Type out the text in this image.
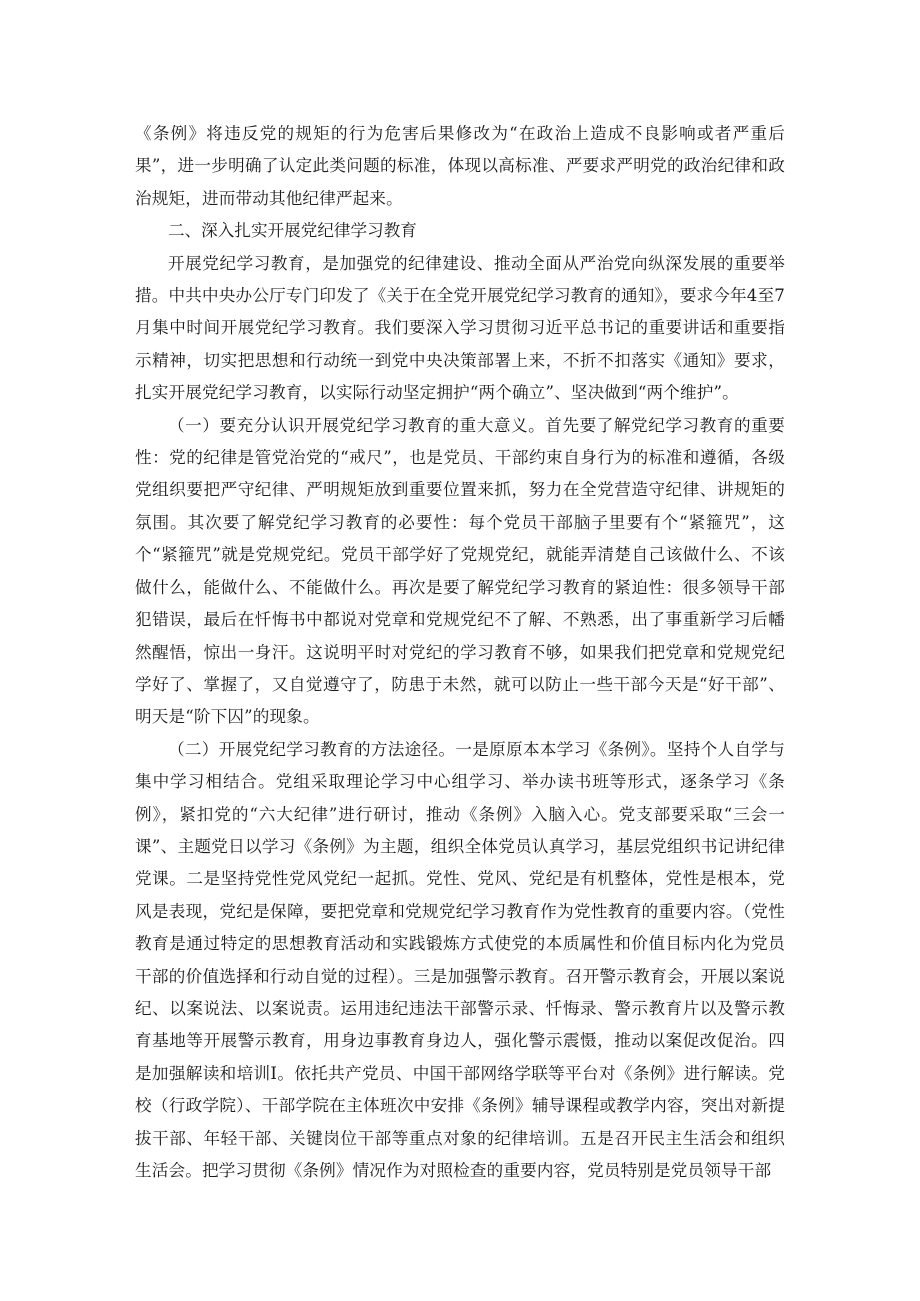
《条例》将违反党的规矩的行为危害后果修改为“在政治上造成不良影响或者严重后果”，进一步明确了认定此类问题的标准，体现以高标准、严要求严明党的政治纪律和政治规矩，进而带动其他纪律严起来。

二、深入扎实开展党纪律学习教育

开展党纪学习教育，是加强党的纪律建设、推动全面从严治党向纵深发展的重要举措。中共中央办公厅专门印发了《关于在全党开展党纪学习教育的通知》，要求今年4至7月集中时间开展党纪学习教育。我们要深入学习贯彻习近平总书记的重要讲话和重要指示精神，切实把思想和行动统一到党中央决策部署上来，不折不扣落实《通知》要求，扎实开展党纪学习教育，以实际行动坚定拥护“两个确立”、坚决做到“两个维护”。

（一）要充分认识开展党纪学习教育的重大意义。首先要了解党纪学习教育的重要性：党的纪律是管党治党的“戒尺”，也是党员、干部约束自身行为的标准和遵循，各级党组织要把严守纪律、严明规矩放到重要位置来抓，努力在全党营造守纪律、讲规矩的氛围。其次要了解党纪学习教育的必要性：每个党员干部脑子里要有个“紧箍咒”，这个“紧箍咒”就是党规党纪。党员干部学好了党规党纪，就能弄清楚自己该做什么、不该做什么，能做什么、不能做什么。再次是要了解党纪学习教育的紧迫性：很多领导干部犯错误，最后在忏悔书中都说对党章和党规党纪不了解、不熟悉，出了事重新学习后幡然醒悟，惊出一身汗。这说明平时对党纪的学习教育不够，如果我们把党章和党规党纪学好了、掌握了，又自觉遵守了，防患于未然，就可以防止一些干部今天是“好干部”、明天是“阶下囚”的现象。

（二）开展党纪学习教育的方法途径。一是原原本本学习《条例》。坚持个人自学与集中学习相结合。党组采取理论学习中心组学习、举办读书班等形式，逐条学习《条例》，紧扣党的“六大纪律”进行研讨，推动《条例》入脑入心。党支部要采取“三会一课”、主题党日以学习《条例》为主题，组织全体党员认真学习，基层党组织书记讲纪律党课。二是坚持党性党风党纪一起抓。党性、党风、党纪是有机整体，党性是根本，党风是表现，党纪是保障，要把党章和党规党纪学习教育作为党性教育的重要内容。（党性教育是通过特定的思想教育活动和实践锻炼方式使党的本质属性和价值目标内化为党员干部的价值选择和行动自觉的过程）。三是加强警示教育。召开警示教育会，开展以案说纪、以案说法、以案说责。运用违纪违法干部警示录、忏悔录、警示教育片以及警示教育基地等开展警示教育，用身边事教育身边人，强化警示震慑，推动以案促改促治。四是加强解读和培训I。依托共产党员、中国干部网络学联等平台对《条例》进行解读。党校（行政学院）、干部学院在主体班次中安排《条例》辅导课程或教学内容，突出对新提拔干部、年轻干部、关键岗位干部等重点对象的纪律培训。五是召开民主生活会和组织生活会。把学习贯彻《条例》情况作为对照检查的重要内容，党员特别是党员领导干部
